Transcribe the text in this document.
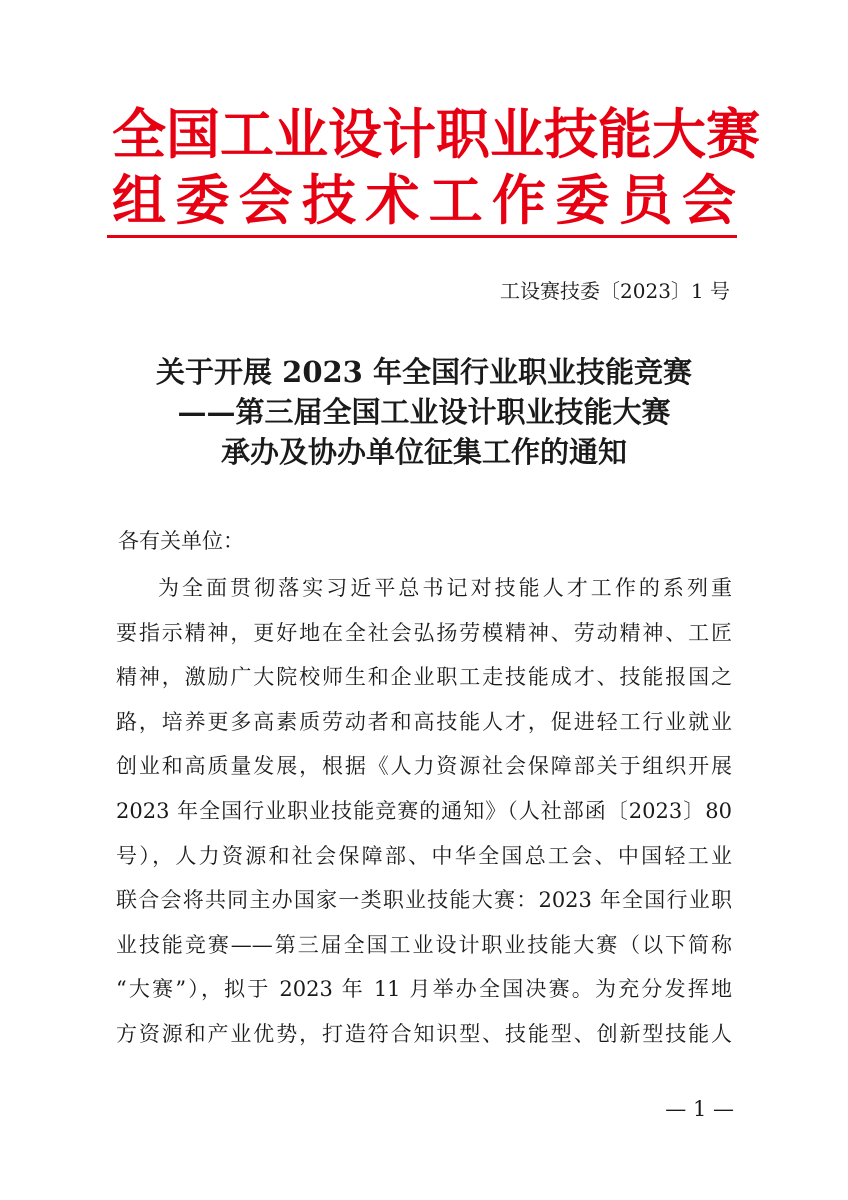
全国工业设计职业技能大赛
组委会技术工作委员会
工设赛技委〔2023〕1 号
关于开展 2023 年全国行业职业技能竞赛
——第三届全国工业设计职业技能大赛
承办及协办单位征集工作的通知
各有关单位：
为全面贯彻落实习近平总书记对技能人才工作的系列重
要指示精神，更好地在全社会弘扬劳模精神、劳动精神、工匠
精神，激励广大院校师生和企业职工走技能成才、技能报国之
路，培养更多高素质劳动者和高技能人才，促进轻工行业就业
创业和高质量发展，根据《人力资源社会保障部关于组织开展
2023 年全国行业职业技能竞赛的通知》（人社部函〔2023〕80
号），人力资源和社会保障部、中华全国总工会、中国轻工业
联合会将共同主办国家一类职业技能大赛：2023 年全国行业职
业技能竞赛——第三届全国工业设计职业技能大赛（以下简称
“大赛”），拟于 2023 年 11 月举办全国决赛。为充分发挥地
方资源和产业优势，打造符合知识型、技能型、创新型技能人
— 1 —
